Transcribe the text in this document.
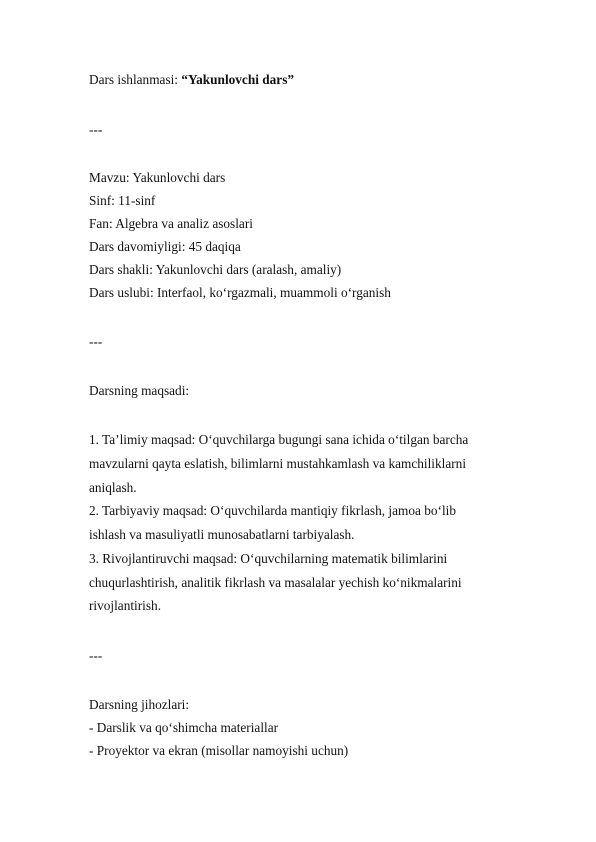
Dars ishlanmasi: “Yakunlovchi dars”
---
Mavzu: Yakunlovchi dars
Sinf: 11-sinf
Fan: Algebra va analiz asoslari
Dars davomiyligi: 45 daqiqa
Dars shakli: Yakunlovchi dars (aralash, amaliy)
Dars uslubi: Interfaol, ko‘rgazmali, muammoli o‘rganish
---
Darsning maqsadi:
1. Ta’limiy maqsad: O‘quvchilarga bugungi sana ichida o‘tilgan barcha
mavzularni qayta eslatish, bilimlarni mustahkamlash va kamchiliklarni
aniqlash.
2. Tarbiyaviy maqsad: O‘quvchilarda mantiqiy fikrlash, jamoa bo‘lib
ishlash va masuliyatli munosabatlarni tarbiyalash.
3. Rivojlantiruvchi maqsad: O‘quvchilarning matematik bilimlarini
chuqurlashtirish, analitik fikrlash va masalalar yechish ko‘nikmalarini
rivojlantirish.
---
Darsning jihozlari:
- Darslik va qo‘shimcha materiallar
- Proyektor va ekran (misollar namoyishi uchun)
